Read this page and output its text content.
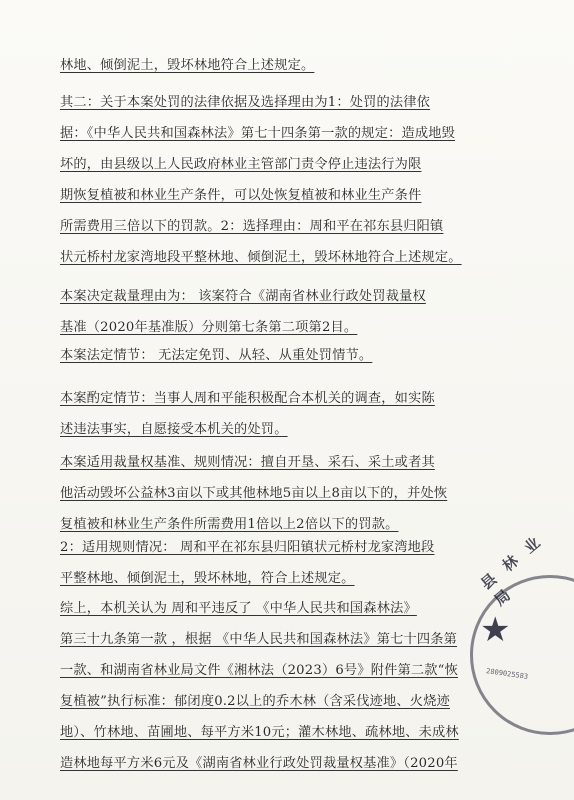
林地、倾倒泥土，毁坏林地符合上述规定。
其二：关于本案处罚的法律依据及选择理由为1：处罚的法律依
据：《中华人民共和国森林法》第七十四条第一款的规定：造成地毁
坏的，由县级以上人民政府林业主管部门责令停止违法行为限
期恢复植被和林业生产条件，可以处恢复植被和林业生产条件
所需费用三倍以下的罚款。2：选择理由：周和平在祁东县归阳镇
状元桥村龙家湾地段平整林地、倾倒泥土，毁坏林地符合上述规定。
本案决定裁量理由为： 该案符合《湖南省林业行政处罚裁量权
基准（2020年基准版）分则第七条第二项第2目。
本案法定情节： 无法定免罚、从轻、从重处罚情节。
本案酌定情节：当事人周和平能积极配合本机关的调查，如实陈
述违法事实，自愿接受本机关的处罚。
本案适用裁量权基准、规则情况：擅自开垦、采石、采土或者其
他活动毁坏公益林3亩以下或其他林地5亩以上8亩以下的，并处恢
复植被和林业生产条件所需费用1倍以上2倍以下的罚款。
2：适用规则情况： 周和平在祁东县归阳镇状元桥村龙家湾地段
平整林地、倾倒泥土，毁坏林地，符合上述规定。
综上，本机关认为 周和平违反了 《中华人民共和国森林法》
第三十九条第一款 ，根据 《中华人民共和国森林法》第七十四条第
一款、和湖南省林业局文件《湘林法（2023）6号》附件第二款“恢
复植被”执行标准：郁闭度0.2以上的乔木林（含采伐迹地、火烧迹
地）、竹林地、苗圃地、每平方米10元；灌木林地、疏林地、未成林
造林地每平方米6元及《湖南省林业行政处罚裁量权基准》（2020年
县 林 业 局
★
2809025583
